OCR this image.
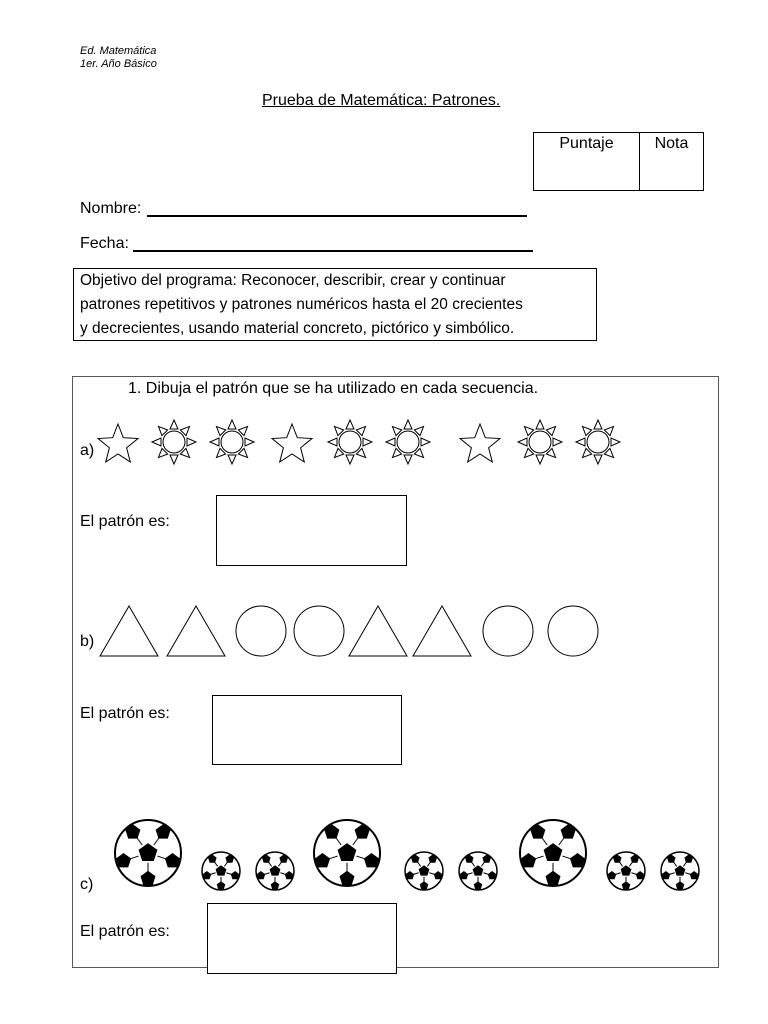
Ed. Matemática
1er. Año Básico
Prueba de Matemática: Patrones.
Puntaje	Nota
Nombre:
Fecha:
Objetivo del programa: Reconocer, describir, crear y continuar
patrones repetitivos y patrones numéricos hasta el 20 crecientes
y decrecientes, usando material concreto, pictórico y simbólico.
1. Dibuja el patrón que se ha utilizado en cada secuencia.
a)
El patrón es:
b)
El patrón es:
c)
El patrón es:
